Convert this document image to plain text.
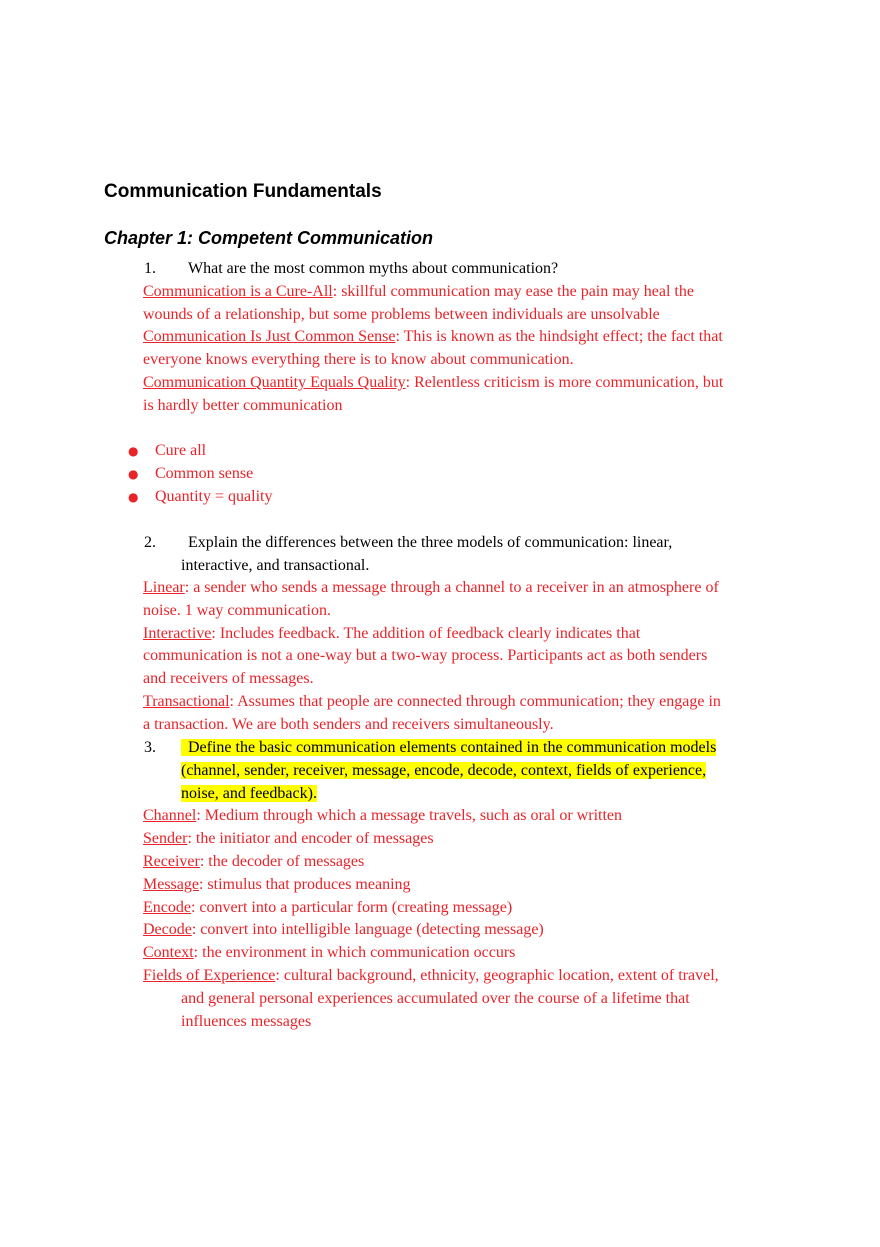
Communication Fundamentals
Chapter 1: Competent Communication
1. What are the most common myths about communication?

Communication is a Cure-All: skillful communication may ease the pain may heal the

wounds of a relationship, but some problems between individuals are unsolvable

Communication Is Just Common Sense: This is known as the hindsight effect; the fact that

everyone knows everything there is to know about communication.

Communication Quantity Equals Quality: Relentless criticism is more communication, but

is hardly better communication

● Cure all

● Common sense

● Quantity = quality

2. Explain the differences between the three models of communication: linear,

interactive, and transactional.

Linear: a sender who sends a message through a channel to a receiver in an atmosphere of

noise. 1 way communication.

Interactive: Includes feedback. The addition of feedback clearly indicates that

communication is not a one-way but a two-way process. Participants act as both senders

and receivers of messages.

Transactional: Assumes that people are connected through communication; they engage in

a transaction. We are both senders and receivers simultaneously.

3.	Define the basic communication elements contained in the communication models

(channel, sender, receiver, message, encode, decode, context, fields of experience,

noise, and feedback).

Channel: Medium through which a message travels, such as oral or written

Sender: the initiator and encoder of messages

Receiver: the decoder of messages

Message: stimulus that produces meaning

Encode: convert into a particular form (creating message)

Decode: convert into intelligible language (detecting message)

Context: the environment in which communication occurs

Fields of Experience: cultural background, ethnicity, geographic location, extent of travel,

and general personal experiences accumulated over the course of a lifetime that

influences messages
